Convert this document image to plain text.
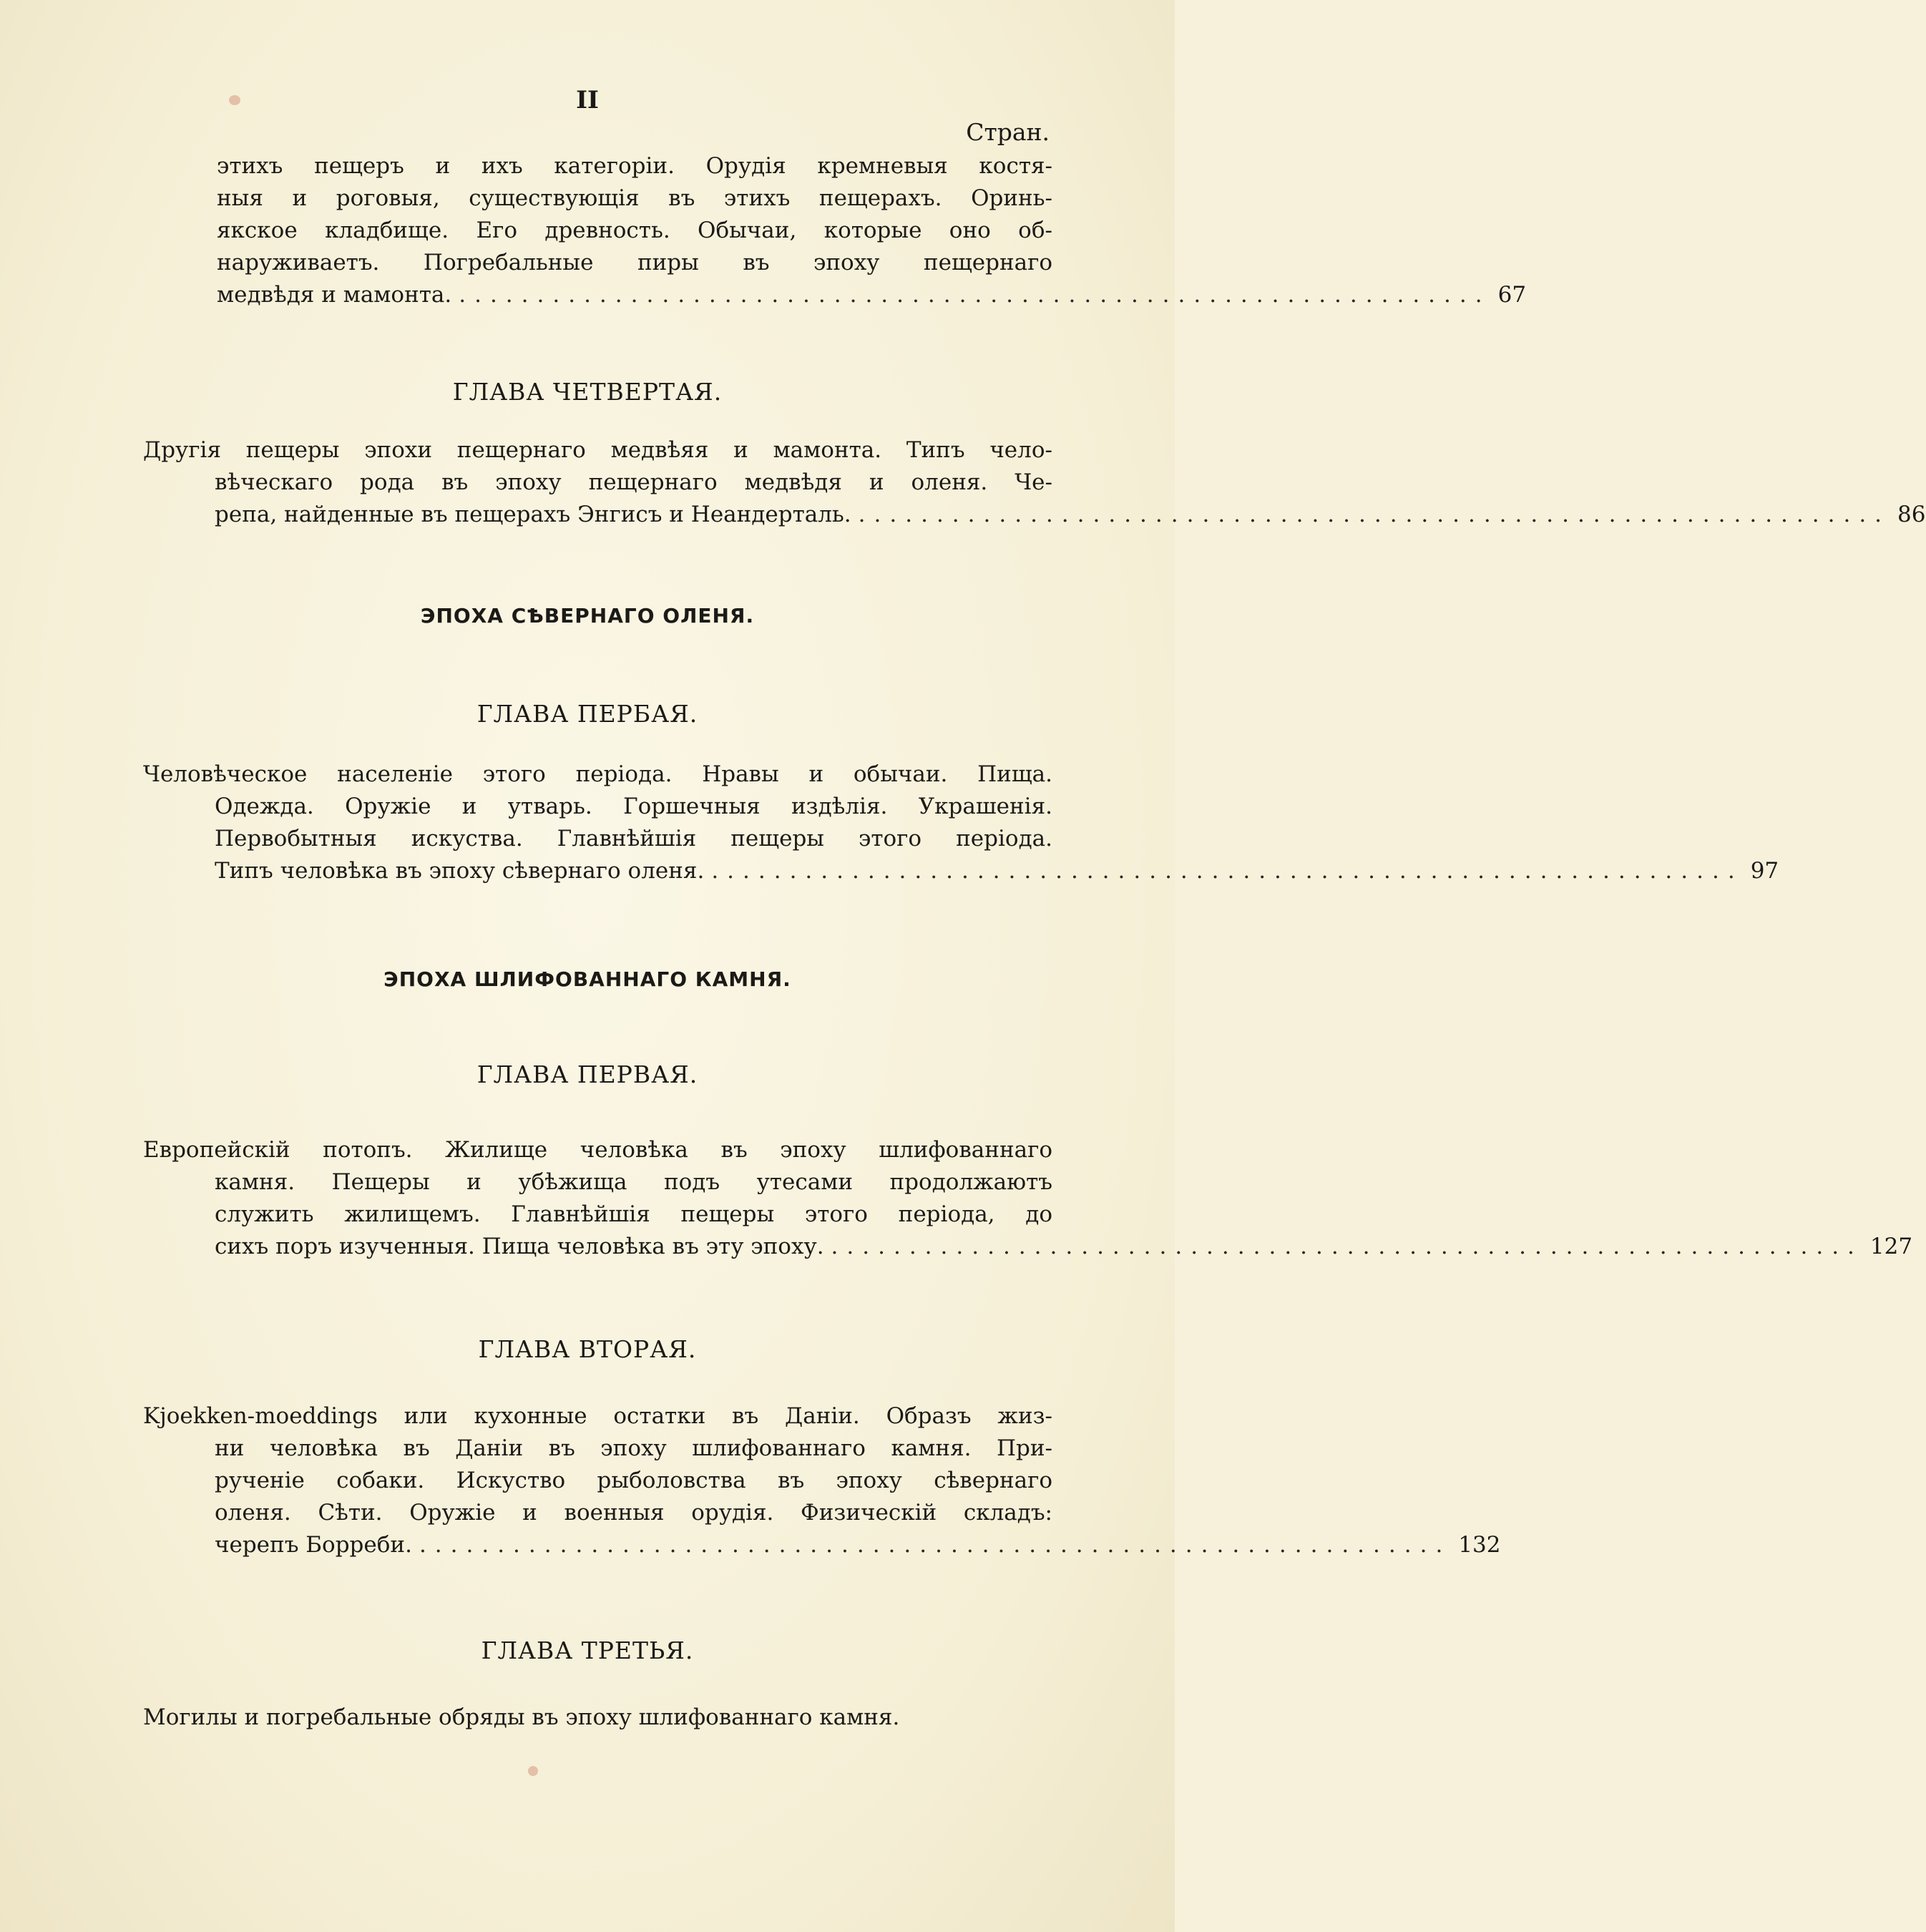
II
Стран.
этихъ пещеръ и ихъ категорiи. Орудiя кремневыя костя-
ныя и роговыя, существующiя въ этихъ пещерахъ. Оринь-
якское кладбище. Его древность. Обычаи, которые оно об-
наруживаетъ. Погребальные пиры въ эпоху пещернаго
медвѣдя и мамонта. .................................................................. 67
ГЛАВА ЧЕТВЕРТАЯ.
Другiя пещеры эпохи пещернаго медвѣяя и мамонта. Типъ чело-
вѣческаго рода въ эпоху пещернаго медвѣдя и оленя. Че-
репа, найденные въ пещерахъ Энгисъ и Неандерталь. .................................................................. 86
ЭПОХА СѢВЕРНАГО ОЛЕНЯ.
ГЛАВА ПЕРБАЯ.
Человѣческое населенiе этого перiода. Нравы и обычаи. Пища.
Одежда. Оружiе и утварь. Горшечныя издѣлiя. Украшенiя.
Первобытныя искуства. Главнѣйшiя пещеры этого перiода.
Типъ человѣка въ эпоху сѣвернаго оленя. .................................................................. 97
ЭПОХА ШЛИФОВАННАГО КАМНЯ.
ГЛАВА ПЕРВАЯ.
Европейскiй потопъ. Жилище человѣка въ эпоху шлифованнаго
камня. Пещеры и убѣжища подъ утесами продолжаютъ
служить жилищемъ. Главнѣйшiя пещеры этого перiода, до
сихъ поръ изученныя. Пища человѣка въ эту эпоху. .................................................................. 127
ГЛАВА ВТОРАЯ.
Kjoekken-moeddings или кухонные остатки въ Данiи. Образъ жиз-
ни человѣка въ Данiи въ эпоху шлифованнаго камня. При-
рученiе собаки. Искуство рыболовства въ эпоху сѣвернаго
оленя. Сѣти. Оружiе и военныя орудiя. Физическiй складъ:
черепъ Борреби. .................................................................. 132
ГЛАВА ТРЕТЬЯ.
Могилы и погребальные обряды въ эпоху шлифованнаго камня.
